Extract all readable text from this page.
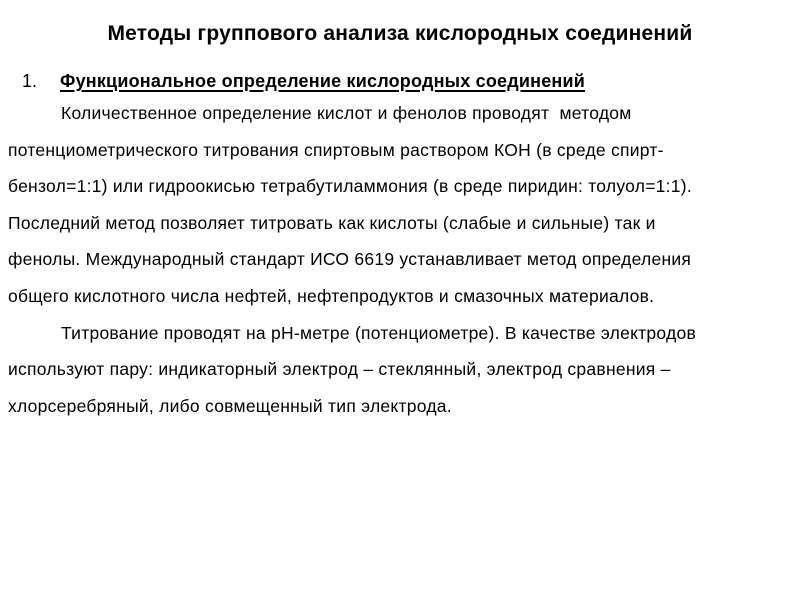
Методы группового анализа кислородных соединений
1.	Функциональное определение кислородных соединений
Количественное определение кислот и фенолов проводят  методом
потенциометрического титрования спиртовым раствором КОН (в среде спирт-
бензол=1:1) или гидроокисью тетрабутиламмония (в среде пиридин: толуол=1:1).
Последний метод позволяет титровать как кислоты (слабые и сильные) так и
фенолы. Международный стандарт ИСО 6619 устанавливает метод определения
общего кислотного числа нефтей, нефтепродуктов и смазочных материалов.
Титрование проводят на pH-метре (потенциометре). В качестве электродов
используют пару: индикаторный электрод – стеклянный, электрод сравнения –
хлорсеребряный, либо совмещенный тип электрода.
